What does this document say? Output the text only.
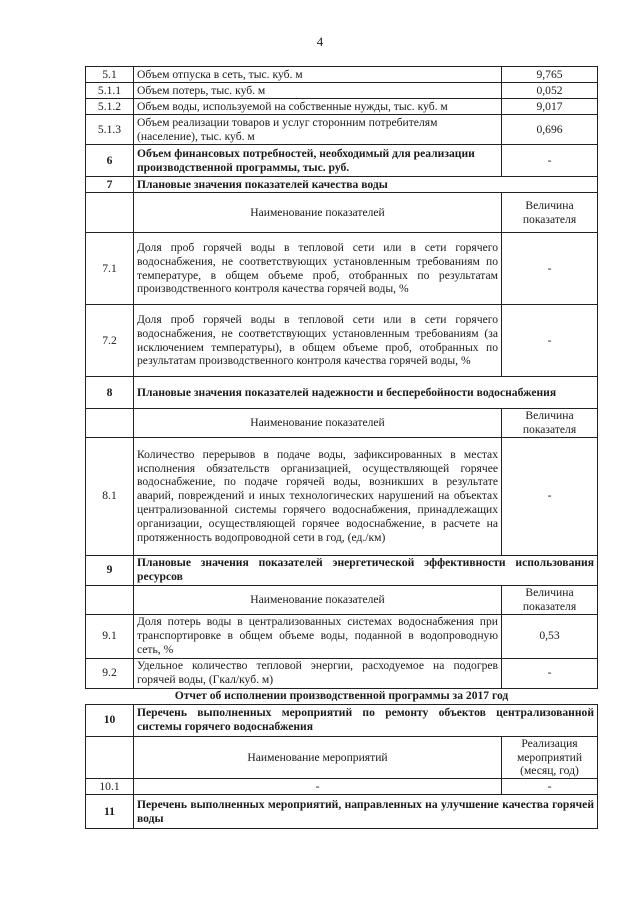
4
5.1	Объем отпуска в сеть, тыс. куб. м	9,765
5.1.1	Объем потерь, тыс. куб. м	0,052
5.1.2	Объем воды, используемой на собственные нужды, тыс. куб. м	9,017
5.1.3	Объем реализации товаров и услуг сторонним потребителям (население), тыс. куб. м	0,696
6	Объем финансовых потребностей, необходимый для реализации производственной программы, тыс. руб.	-
7	Плановые значения показателей качества воды	
	Наименование показателей	Величина показателя
7.1	Доля проб горячей воды в тепловой сети или в сети горячего водоснабжения, не соответствующих установленным требованиям по температуре, в общем объеме проб, отобранных по результатам производственного контроля качества горячей воды, %	-
7.2	Доля проб горячей воды в тепловой сети или в сети горячего водоснабжения, не соответствующих установленным требованиям (за исключением температуры), в общем объеме проб, отобранных по результатам производственного контроля качества горячей воды, %	-
8	Плановые значения показателей надежности и бесперебойности водоснабжения	
	Наименование показателей	Величина показателя
8.1	Количество перерывов в подаче воды, зафиксированных в местах исполнения обязательств организацией, осуществляющей горячее водоснабжение, по подаче горячей воды, возникших в результате аварий, повреждений и иных технологических нарушений на объектах централизованной системы горячего водоснабжения, принадлежащих организации, осуществляющей горячее водоснабжение, в расчете на протяженность водопроводной сети в год, (ед./км)	-
9	Плановые значения показателей энергетической эффективности использования ресурсов	
	Наименование показателей	Величина показателя
9.1	Доля потерь воды в централизованных системах водоснабжения при транспортировке в общем объеме воды, поданной в водопроводную сеть, %	0,53
9.2	Удельное количество тепловой энергии, расходуемое на подогрев горячей воды, (Гкал/куб. м)	-
Отчет об исполнении производственной программы за 2017 год		
10	Перечень выполненных мероприятий по ремонту объектов централизованной системы горячего водоснабжения	
	Наименование мероприятий	Реализация мероприятий (месяц, год)
10.1	-	-
11	Перечень выполненных мероприятий, направленных на улучшение качества горячей воды	
